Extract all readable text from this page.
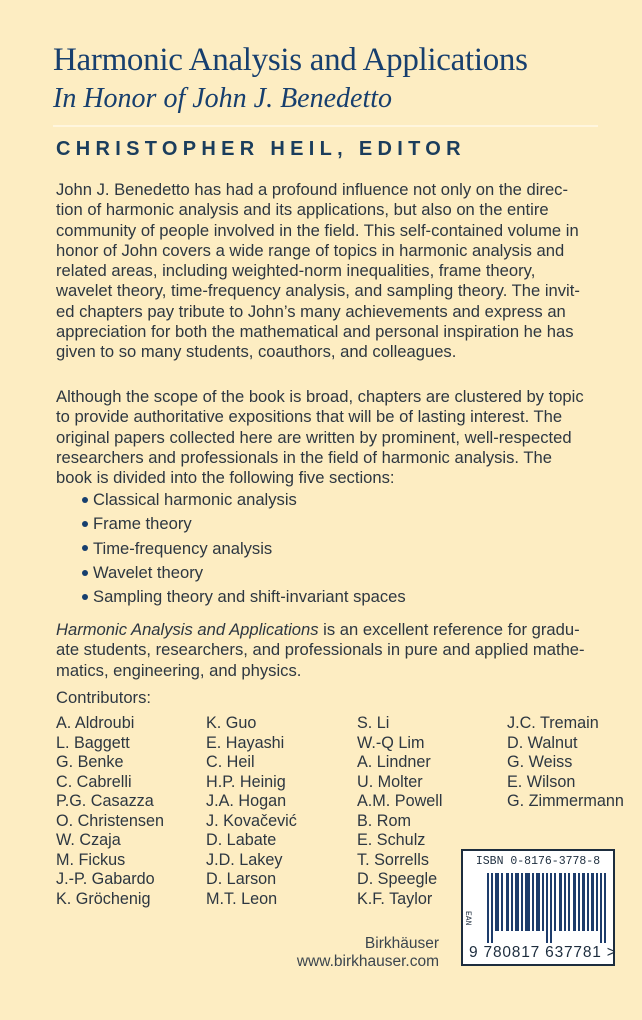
Harmonic Analysis and Applications
In Honor of John J. Benedetto
CHRISTOPHER HEIL, EDITOR

John J. Benedetto has had a profound influence not only on the direc-

tion of harmonic analysis and its applications, but also on the entire

community of people involved in the field. This self-contained volume in

honor of John covers a wide range of topics in harmonic analysis and

related areas, including weighted-norm inequalities, frame theory,

wavelet theory, time-frequency analysis, and sampling theory. The invit-

ed chapters pay tribute to John’s many achievements and express an

appreciation for both the mathematical and personal inspiration he has

given to so many students, coauthors, and colleagues.

Although the scope of the book is broad, chapters are clustered by topic

to provide authoritative expositions that will be of lasting interest. The

original papers collected here are written by prominent, well-respected

researchers and professionals in the field of harmonic analysis. The

book is divided into the following five sections:

Classical harmonic analysis
Frame theory
Time-frequency analysis
Wavelet theory
Sampling theory and shift-invariant spaces

Harmonic Analysis and Applications is an excellent reference for gradu-

ate students, researchers, and professionals in pure and applied mathe-

matics, engineering, and physics.

Contributors:
A. Aldroubi
L. Baggett
G. Benke
C. Cabrelli
P.G. Casazza
O. Christensen
W. Czaja
M. Fickus
J.-P. Gabardo
K. Gröchenig
K. Guo
E. Hayashi
C. Heil
H.P. Heinig
J.A. Hogan
J. Kovačević
D. Labate
J.D. Lakey
D. Larson
M.T. Leon
S. Li
W.-Q Lim
A. Lindner
U. Molter
A.M. Powell
B. Rom
E. Schulz
T. Sorrells
D. Speegle
K.F. Taylor
J.C. Tremain
D. Walnut
G. Weiss
E. Wilson
G. Zimmermann
Birkhäuser
www.birkhauser.com
ISBN 0-8176-3778-8
EAN
9 780817 637781 >
